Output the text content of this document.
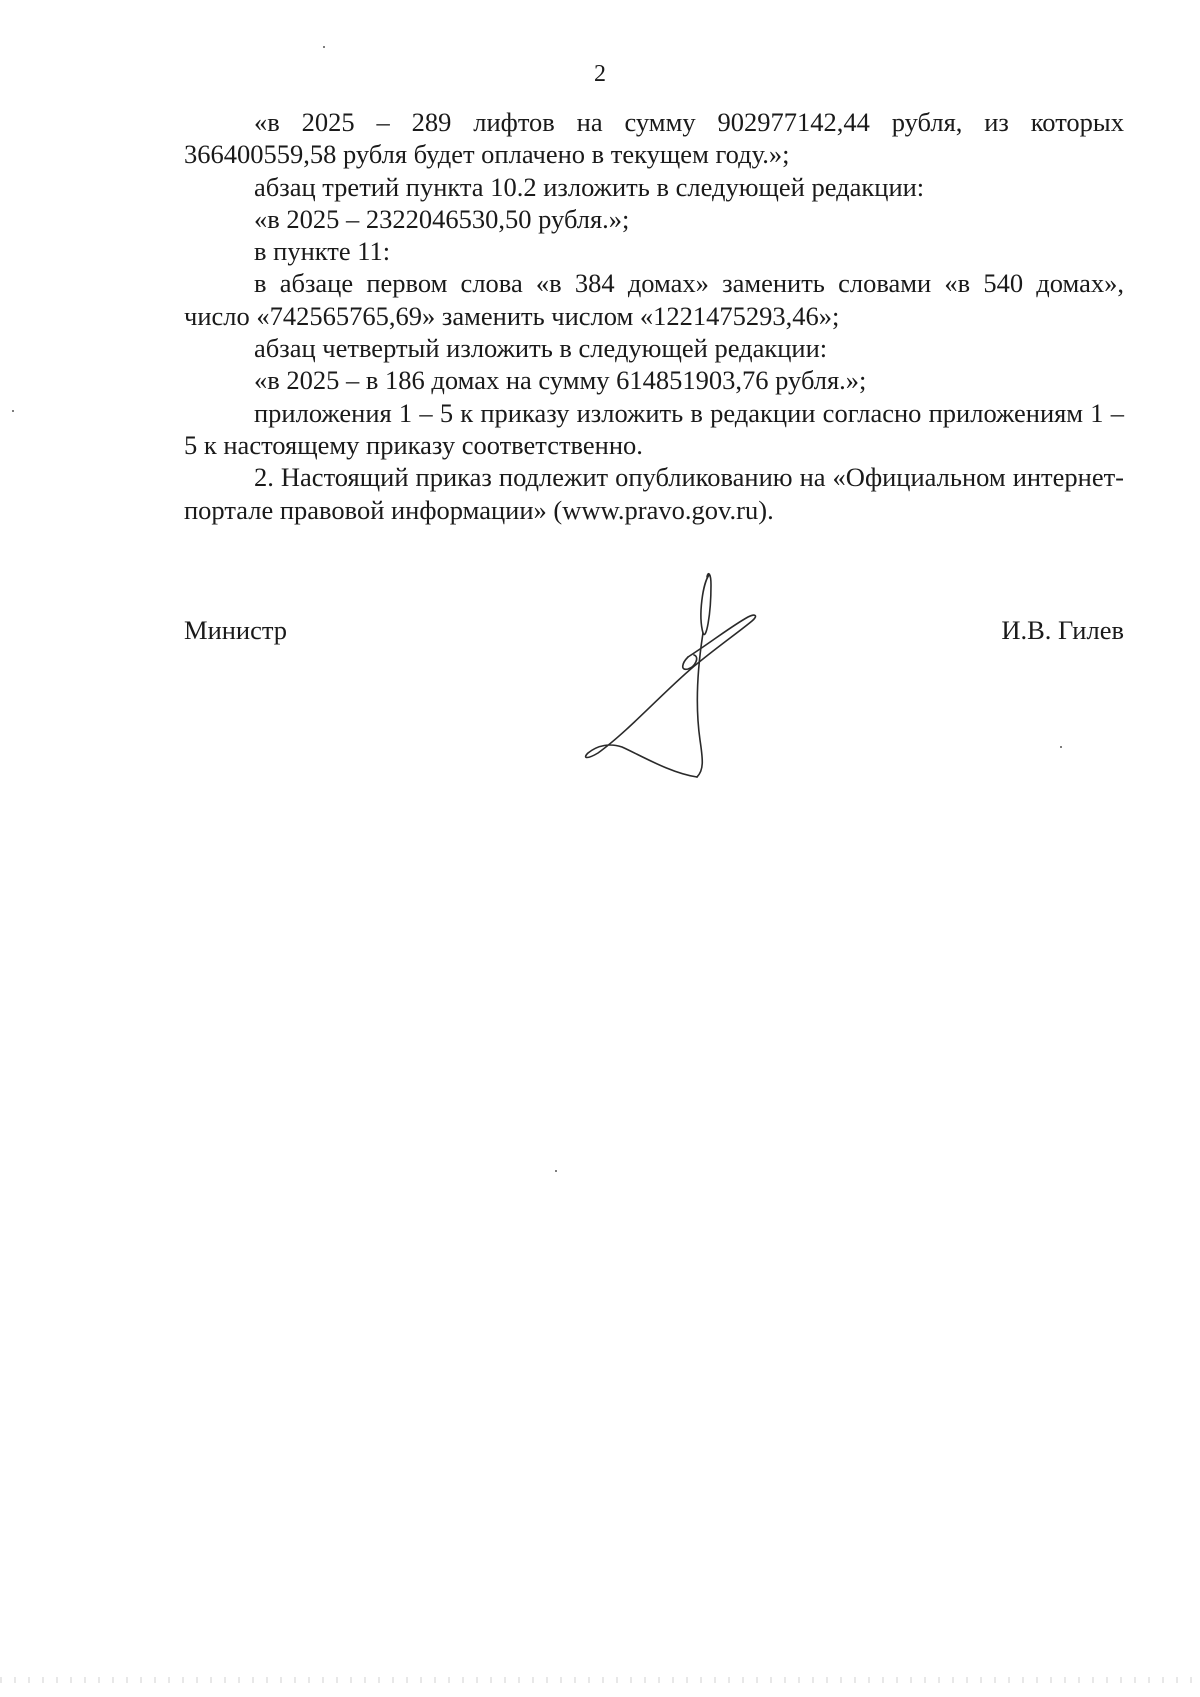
2

«в 2025 – 289 лифтов на сумму 902977142,44 рубля, из которых 366400559,58 рубля будет оплачено в текущем году.»;

абзац третий пункта 10.2 изложить в следующей редакции:

«в 2025 – 2322046530,50 рубля.»;

в пункте 11:

в абзаце первом слова «в 384 домах» заменить словами «в 540 домах», число «742565765,69» заменить числом «1221475293,46»;

абзац четвертый изложить в следующей редакции:

«в 2025 – в 186 домах на сумму 614851903,76 рубля.»;

приложения 1 – 5 к приказу изложить в редакции согласно приложениям 1 – 5 к настоящему приказу соответственно.

2. Настоящий приказ подлежит опубликованию на «Официальном интернет-портале правовой информации» (www.pravo.gov.ru).

Министр	И.В. Гилев
